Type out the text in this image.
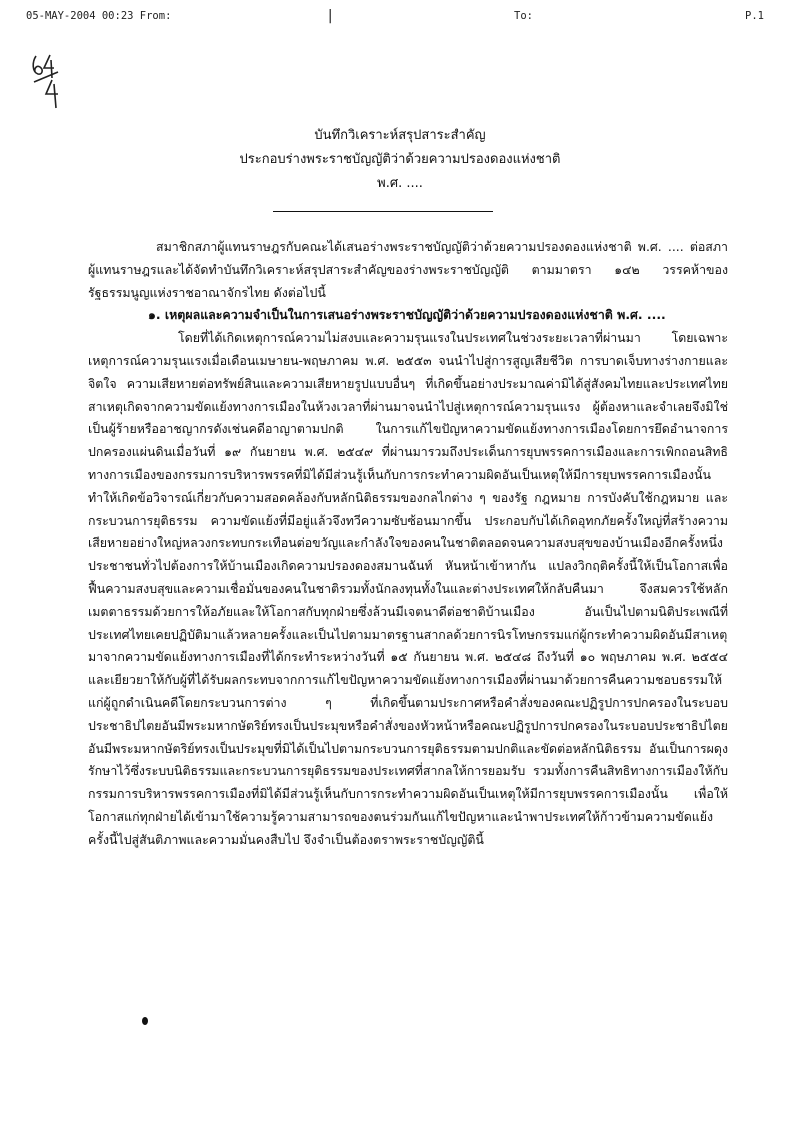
05-MAY-2004 00:23 From:	|	To:	P.1
บันทึกวิเคราะห์สรุปสาระสำคัญ
ประกอบร่างพระราชบัญญัติว่าด้วยความปรองดองแห่งชาติ
พ.ศ. ....

สมาชิกสภาผู้แทนราษฎรกับคณะได้เสนอร่างพระราชบัญญัติว่าด้วยความปรองดองแห่งชาติ พ.ศ. .... ต่อสภาผู้แทนราษฎรและได้จัดทำบันทึกวิเคราะห์สรุปสาระสำคัญของร่างพระราชบัญญัติ ตามมาตรา ๑๔๒ วรรคห้าของรัฐธรรมนูญแห่งราชอาณาจักรไทย ดังต่อไปนี้

๑. เหตุผลและความจำเป็นในการเสนอร่างพระราชบัญญัติว่าด้วยความปรองดองแห่งชาติ พ.ศ. ....

โดยที่ได้เกิดเหตุการณ์ความไม่สงบและความรุนแรงในประเทศในช่วงระยะเวลาที่ผ่านมา โดยเฉพาะเหตุการณ์ความรุนแรงเมื่อเดือนเมษายน-พฤษภาคม พ.ศ. ๒๕๕๓ จนนำไปสู่การสูญเสียชีวิต การบาดเจ็บทางร่างกายและจิตใจ ความเสียหายต่อทรัพย์สินและความเสียหายรูปแบบอื่นๆ ที่เกิดขึ้นอย่างประมาณค่ามิได้สู่สังคมไทยและประเทศไทย สาเหตุเกิดจากความขัดแย้งทางการเมืองในห้วงเวลาที่ผ่านมาจนนำไปสู่เหตุการณ์ความรุนแรง ผู้ต้องหาและจำเลยจึงมิใช่เป็นผู้ร้ายหรืออาชญากรดังเช่นคดีอาญาตามปกติ ในการแก้ไขปัญหาความขัดแย้งทางการเมืองโดยการยึดอำนาจการปกครองแผ่นดินเมื่อวันที่ ๑๙ กันยายน พ.ศ. ๒๕๔๙ ที่ผ่านมารวมถึงประเด็นการยุบพรรคการเมืองและการเพิกถอนสิทธิทางการเมืองของกรรมการบริหารพรรคที่มิได้มีส่วนรู้เห็นกับการกระทำความผิดอันเป็นเหตุให้มีการยุบพรรคการเมืองนั้น ทำให้เกิดข้อวิจารณ์เกี่ยวกับความสอดคล้องกับหลักนิติธรรมของกลไกต่าง ๆ ของรัฐ กฎหมาย การบังคับใช้กฎหมาย และกระบวนการยุติธรรม ความขัดแย้งที่มีอยู่แล้วจึงทวีความซับซ้อนมากขึ้น ประกอบกับได้เกิดอุทกภัยครั้งใหญ่ที่สร้างความเสียหายอย่างใหญ่หลวงกระทบกระเทือนต่อขวัญและกำลังใจของคนในชาติตลอดจนความสงบสุขของบ้านเมืองอีกครั้งหนึ่ง ประชาชนทั่วไปต้องการให้บ้านเมืองเกิดความปรองดองสมานฉันท์ หันหน้าเข้าหากัน แปลงวิกฤติครั้งนี้ให้เป็นโอกาสเพื่อฟื้นความสงบสุขและความเชื่อมั่นของคนในชาติรวมทั้งนักลงทุนทั้งในและต่างประเทศให้กลับคืนมา จึงสมควรใช้หลักเมตตาธรรมด้วยการให้อภัยและให้โอกาสกับทุกฝ่ายซึ่งล้วนมีเจตนาดีต่อชาติบ้านเมือง อันเป็นไปตามนิติประเพณีที่ประเทศไทยเคยปฏิบัติมาแล้วหลายครั้งและเป็นไปตามมาตรฐานสากลด้วยการนิรโทษกรรมแก่ผู้กระทำความผิดอันมีสาเหตุมาจากความขัดแย้งทางการเมืองที่ได้กระทำระหว่างวันที่ ๑๕ กันยายน พ.ศ. ๒๕๔๘ ถึงวันที่ ๑๐ พฤษภาคม พ.ศ. ๒๕๕๔ และเยียวยาให้กับผู้ที่ได้รับผลกระทบจากการแก้ไขปัญหาความขัดแย้งทางการเมืองที่ผ่านมาด้วยการคืนความชอบธรรมให้แก่ผู้ถูกดำเนินคดีโดยกระบวนการต่าง ๆ ที่เกิดขึ้นตามประกาศหรือคำสั่งของคณะปฏิรูปการปกครองในระบอบประชาธิปไตยอันมีพระมหากษัตริย์ทรงเป็นประมุขหรือคำสั่งของหัวหน้าหรือคณะปฏิรูปการปกครองในระบอบประชาธิปไตยอันมีพระมหากษัตริย์ทรงเป็นประมุขที่มิได้เป็นไปตามกระบวนการยุติธรรมตามปกติและขัดต่อหลักนิติธรรม อันเป็นการผดุงรักษาไว้ซึ่งระบบนิติธรรมและกระบวนการยุติธรรมของประเทศที่สากลให้การยอมรับ รวมทั้งการคืนสิทธิทางการเมืองให้กับกรรมการบริหารพรรคการเมืองที่มิได้มีส่วนรู้เห็นกับการกระทำความผิดอันเป็นเหตุให้มีการยุบพรรคการเมืองนั้น เพื่อให้โอกาสแก่ทุกฝ่ายได้เข้ามาใช้ความรู้ความสามารถของตนร่วมกันแก้ไขปัญหาและนำพาประเทศให้ก้าวข้ามความขัดแย้งครั้งนี้ไปสู่สันติภาพและความมั่นคงสืบไป จึงจำเป็นต้องตราพระราชบัญญัตินี้
